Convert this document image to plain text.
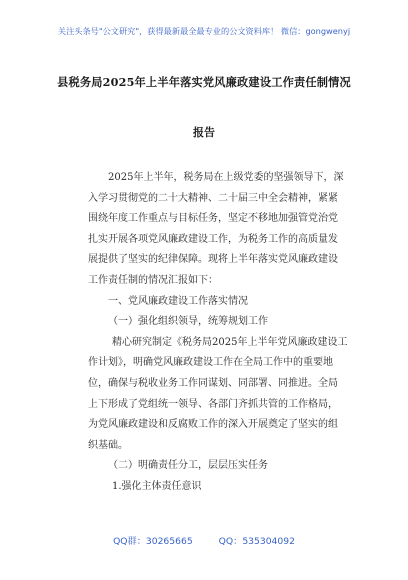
关注头条号"公文研究"，获得最新最全最专业的公文资料库！ 微信：gongwenyj
县税务局2025年上半年落实党风廉政建设工作责任制情况
报告
2025年上半年，税务局在上级党委的坚强领导下，深
入学习贯彻党的二十大精神、二十届三中全会精神，紧紧
围绕年度工作重点与目标任务，坚定不移地加强管党治党
扎实开展各项党风廉政建设工作，为税务工作的高质量发
展提供了坚实的纪律保障。现将上半年落实党风廉政建设
工作责任制的情况汇报如下：
一、党风廉政建设工作落实情况
（一）强化组织领导，统筹规划工作
精心研究制定《税务局2025年上半年党风廉政建设工
作计划》，明确党风廉政建设工作在全局工作中的重要地
位，确保与税收业务工作同谋划、同部署、同推进。全局
上下形成了党组统一领导、各部门齐抓共管的工作格局，
为党风廉政建设和反腐败工作的深入开展奠定了坚实的组
织基础。
（二）明确责任分工，层层压实任务
1.强化主体责任意识
QQ群：30265665	QQ：535304092
